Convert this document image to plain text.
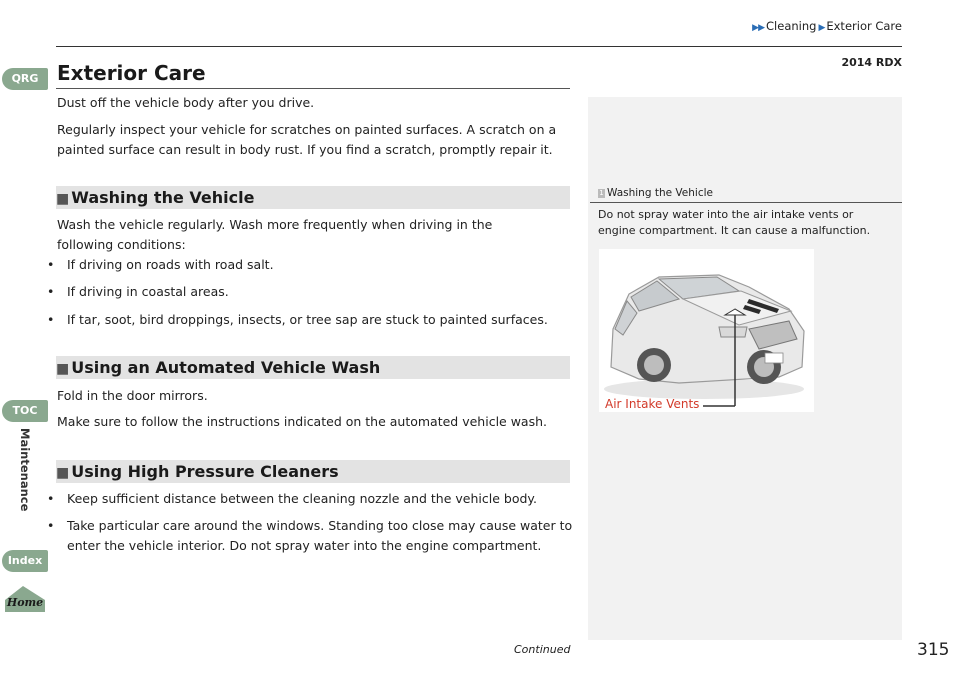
▶▶ Cleaning ▶ Exterior Care
2014 RDX
Exterior Care
Dust off the vehicle body after you drive.
Regularly inspect your vehicle for scratches on painted surfaces. A scratch on a painted surface can result in body rust. If you find a scratch, promptly repair it.
■ Washing the Vehicle
Wash the vehicle regularly. Wash more frequently when driving in the following conditions:
• If driving on roads with road salt.
• If driving in coastal areas.
• If tar, soot, bird droppings, insects, or tree sap are stuck to painted surfaces.
■ Using an Automated Vehicle Wash
Fold in the door mirrors.
Make sure to follow the instructions indicated on the automated vehicle wash.
■ Using High Pressure Cleaners
• Keep sufficient distance between the cleaning nozzle and the vehicle body.
• Take particular care around the windows. Standing too close may cause water to enter the vehicle interior. Do not spray water into the engine compartment.
1 Washing the Vehicle
Do not spray water into the air intake vents or engine compartment. It can cause a malfunction.
Air Intake Vents
QRG
TOC
Maintenance
Index
Home
Continued	315
